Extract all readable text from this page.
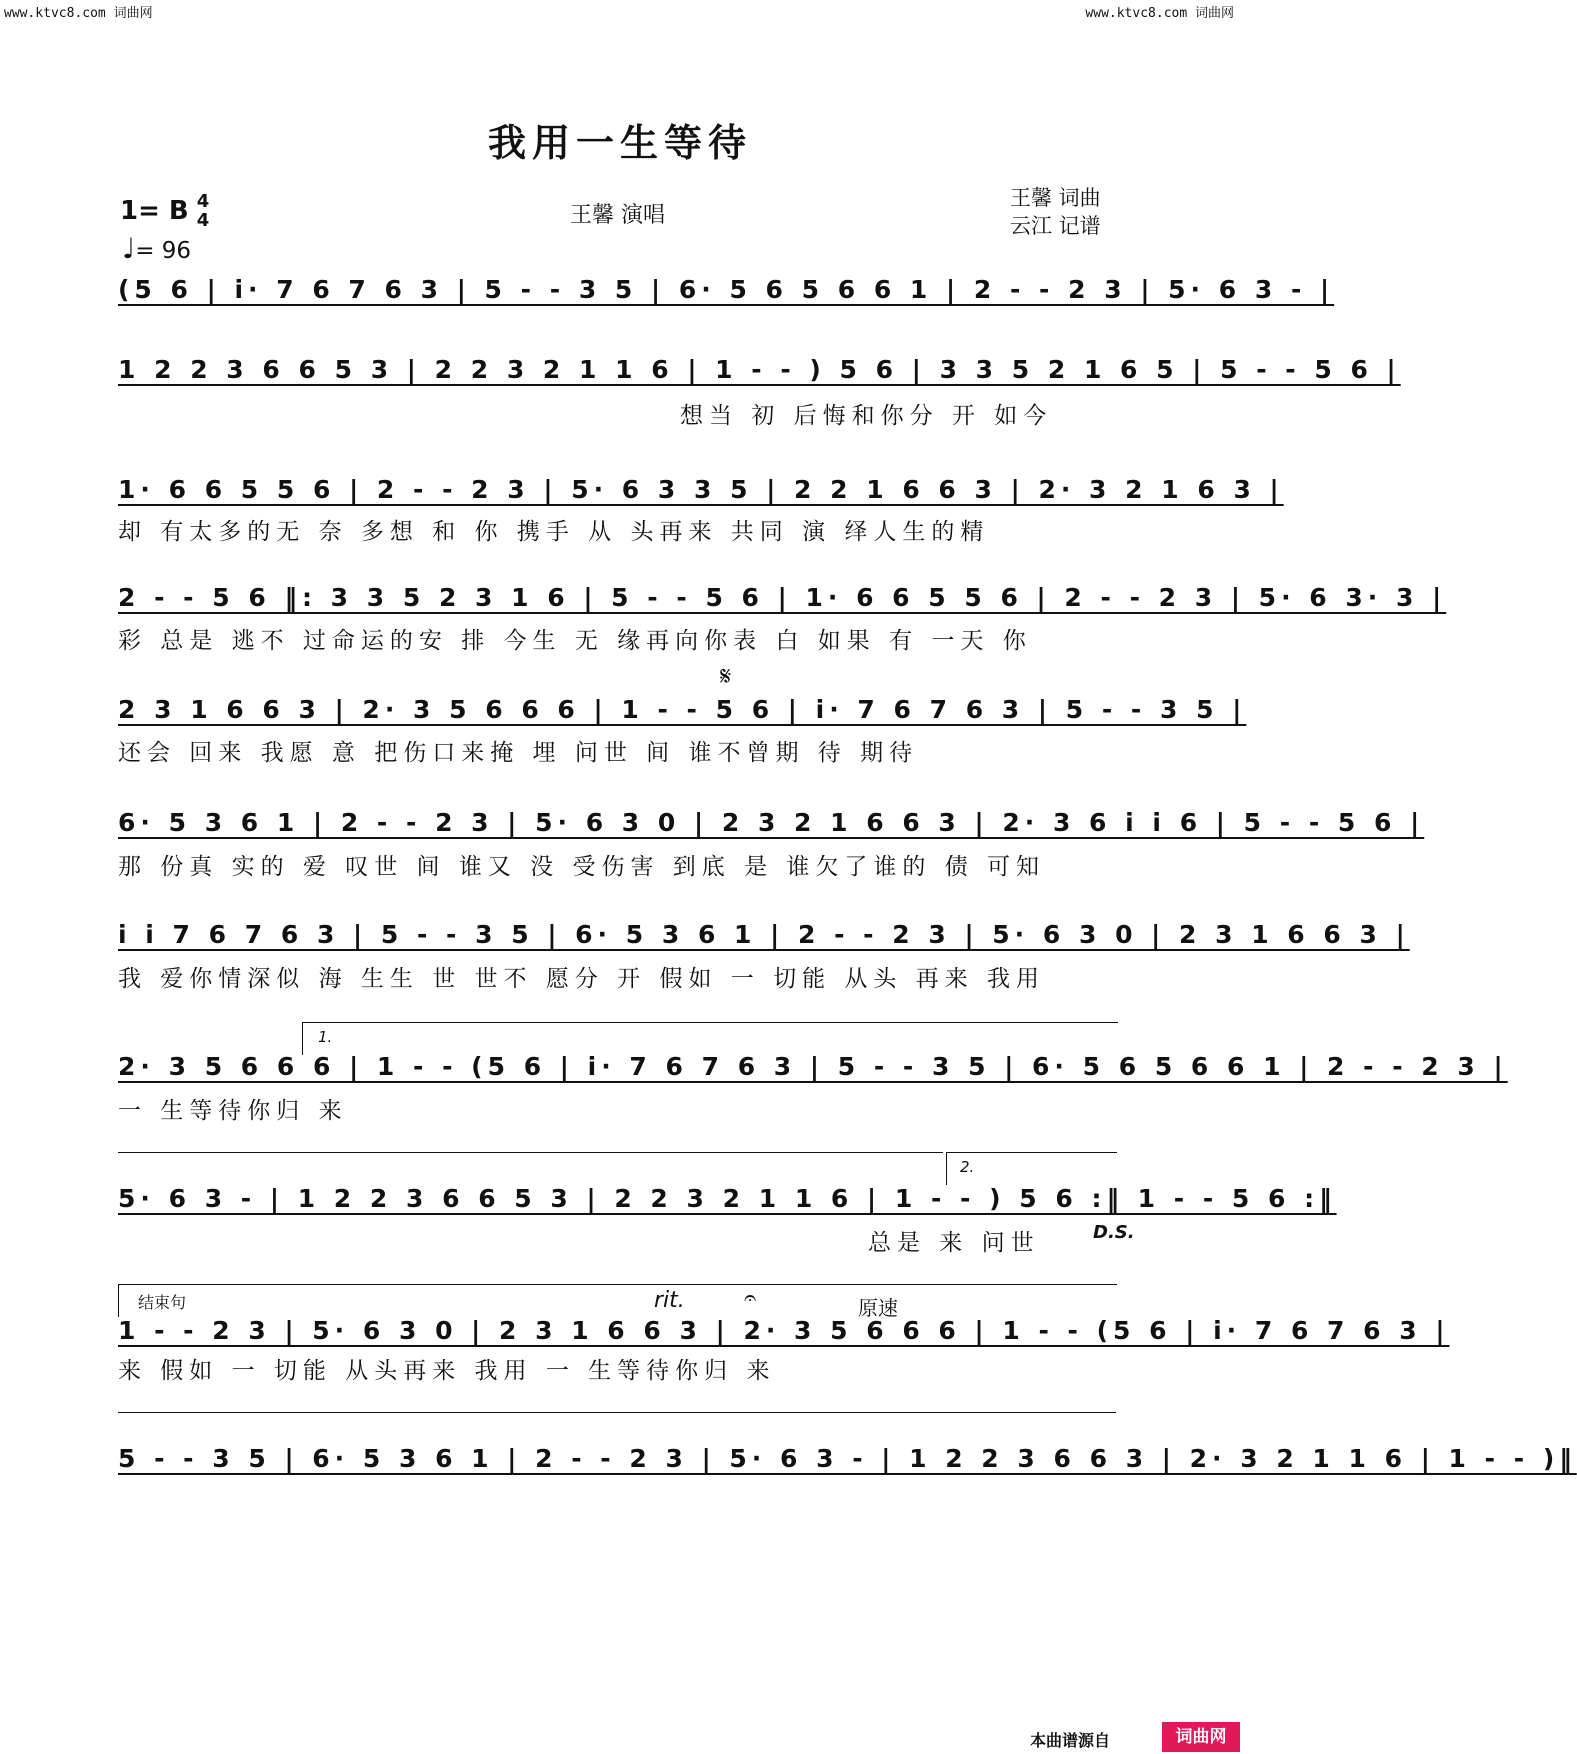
www.ktvc8.com 词曲网	www.ktvc8.com 词曲网
我用一生等待
1= B 4
4
♩= 96
王馨 演唱
王馨 词曲
云江 记谱
(5 6 | i· 7 6 7 6 3 | 5 - - 3 5 | 6· 5 6 5 6 6 1 | 2 - - 2 3 | 5· 6 3 - |
1 2 2 3 6 6 5 3 | 2 2 3 2 1 1 6 | 1 - - ) 5 6 | 3 3 5 2 1 6 5 | 5 - - 5 6 |
想当 初 后悔和你分 开 如今
1· 6 6 5 5 6 | 2 - - 2 3 | 5· 6 3 3 5 | 2 2 1 6 6 3 | 2· 3 2 1 6 3 |
却 有太多的无 奈 多想 和 你 携手 从 头再来 共同 演 绎人生的精
2 - - 5 6 ‖: 3 3 5 2 3 1 6 | 5 - - 5 6 | 1· 6 6 5 5 6 | 2 - - 2 3 | 5· 6 3· 3 |
彩 总是 逃不 过命运的安 排 今生 无 缘再向你表 白 如果 有 一天 你
𝄋
2 3 1 6 6 3 | 2· 3 5 6 6 6 | 1 - - 5 6 | i· 7 6 7 6 3 | 5 - - 3 5 |
还会 回来 我愿 意 把伤口来掩 埋 问世 间 谁不曾期 待 期待
6· 5 3 6 1 | 2 - - 2 3 | 5· 6 3 0 | 2 3 2 1 6 6 3 | 2· 3 6 i i 6 | 5 - - 5 6 |
那 份真 实的 爱 叹世 间 谁又 没 受伤害 到底 是 谁欠了谁的 债 可知
i i 7 6 7 6 3 | 5 - - 3 5 | 6· 5 3 6 1 | 2 - - 2 3 | 5· 6 3 0 | 2 3 1 6 6 3 |
我 爱你情深似 海 生生 世 世不 愿分 开 假如 一 切能 从头 再来 我用
1.
2· 3 5 6 6 6 | 1 - - (5 6 | i· 7 6 7 6 3 | 5 - - 3 5 | 6· 5 6 5 6 6 1 | 2 - - 2 3 |
一 生等待你归 来
2.
5· 6 3 - | 1 2 2 3 6 6 5 3 | 2 2 3 2 1 1 6 | 1 - - ) 5 6 :‖ 1 - - 5 6 :‖
总是 来 问世	D.S.
结束句	rit.	𝄐	原速
1 - - 2 3 | 5· 6 3 0 | 2 3 1 6 6 3 | 2· 3 5 6 6 6 | 1 - - (5 6 | i· 7 6 7 6 3 |
来 假如 一 切能 从头再来 我用 一 生等待你归 来
5 - - 3 5 | 6· 5 3 6 1 | 2 - - 2 3 | 5· 6 3 - | 1 2 2 3 6 6 3 | 2· 3 2 1 1 6 | 1 - - )‖
本曲谱源自	词曲网
